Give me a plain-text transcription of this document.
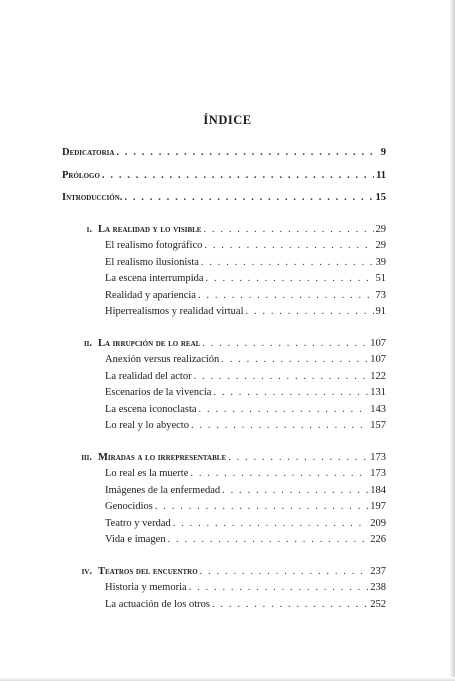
ÍNDICE
Dedicatoria . . .	9
Prólogo . . .	11
Introducción. . . .	15
i. La realidad y lo visible . . .	29
El realismo fotográfico . . .	29
El realismo ilusionista . . .	39
La escena interrumpida . . .	51
Realidad y apariencia . . .	73
Hiperrealismos y realidad virtual . . .	91
ii. La irrupción de lo real . . .	107
Anexión versus realización . . .	107
La realidad del actor . . .	122
Escenarios de la vivencia . . .	131
La escena iconoclasta . . .	143
Lo real y lo abyecto . . .	157
iii. Miradas a lo irrepresentable . . .	173
Lo real es la muerte . . .	173
Imágenes de la enfermedad . . .	184
Genocidios . . .	197
Teatro y verdad . . .	209
Vida e imagen . . .	226
iv. Teatros del encuentro . . .	237
Historia y memoria . . .	238
La actuación de los otros . . .	252
